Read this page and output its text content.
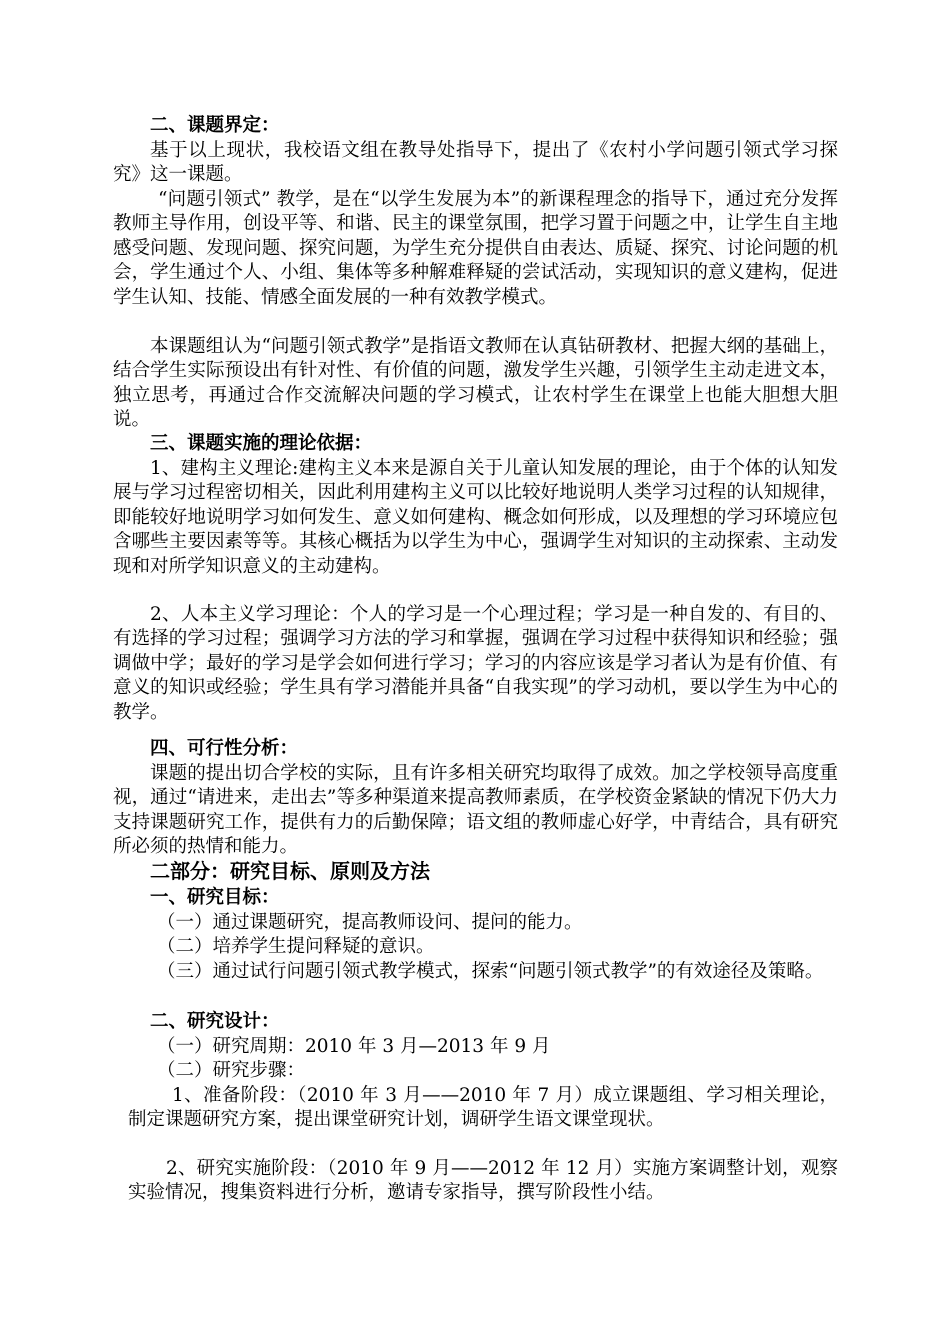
二、课题界定：

基于以上现状，我校语文组在教导处指导下，提出了《农村小学问题引领式学习探究》这一课题。

“问题引领式” 教学，是在“以学生发展为本”的新课程理念的指导下，通过充分发挥教师主导作用，创设平等、和谐、民主的课堂氛围，把学习置于问题之中，让学生自主地感受问题、发现问题、探究问题，为学生充分提供自由表达、质疑、探究、讨论问题的机会，学生通过个人、小组、集体等多种解难释疑的尝试活动，实现知识的意义建构，促进学生认知、技能、情感全面发展的一种有效教学模式。

本课题组认为“问题引领式教学”是指语文教师在认真钻研教材、把握大纲的基础上，结合学生实际预设出有针对性、有价值的问题，激发学生兴趣，引领学生主动走进文本，独立思考，再通过合作交流解决问题的学习模式，让农村学生在课堂上也能大胆想大胆说。

三、课题实施的理论依据：

1、建构主义理论:建构主义本来是源自关于儿童认知发展的理论，由于个体的认知发展与学习过程密切相关，因此利用建构主义可以比较好地说明人类学习过程的认知规律，即能较好地说明学习如何发生、意义如何建构、概念如何形成，以及理想的学习环境应包含哪些主要因素等等。其核心概括为以学生为中心，强调学生对知识的主动探索、主动发现和对所学知识意义的主动建构。

2、人本主义学习理论：个人的学习是一个心理过程；学习是一种自发的、有目的、有选择的学习过程；强调学习方法的学习和掌握，强调在学习过程中获得知识和经验；强调做中学；最好的学习是学会如何进行学习；学习的内容应该是学习者认为是有价值、有意义的知识或经验；学生具有学习潜能并具备“自我实现”的学习动机，要以学生为中心的教学。

四、可行性分析：

课题的提出切合学校的实际，且有许多相关研究均取得了成效。加之学校领导高度重视，通过“请进来，走出去”等多种渠道来提高教师素质，在学校资金紧缺的情况下仍大力支持课题研究工作，提供有力的后勤保障；语文组的教师虚心好学，中青结合，具有研究所必须的热情和能力。

二部分：研究目标、原则及方法

一、研究目标：

（一）通过课题研究，提高教师设问、提问的能力。

（二）培养学生提问释疑的意识。

（三）通过试行问题引领式教学模式，探索“问题引领式教学”的有效途径及策略。

二、研究设计：

（一）研究周期：2010 年 3 月—2013 年 9 月

（二）研究步骤：

1、准备阶段：（2010 年 3 月——2010 年 7 月）成立课题组、学习相关理论，制定课题研究方案，提出课堂研究计划，调研学生语文课堂现状。

2、研究实施阶段：（2010 年 9 月——2012 年 12 月）实施方案调整计划，观察实验情况，搜集资料进行分析，邀请专家指导，撰写阶段性小结。
